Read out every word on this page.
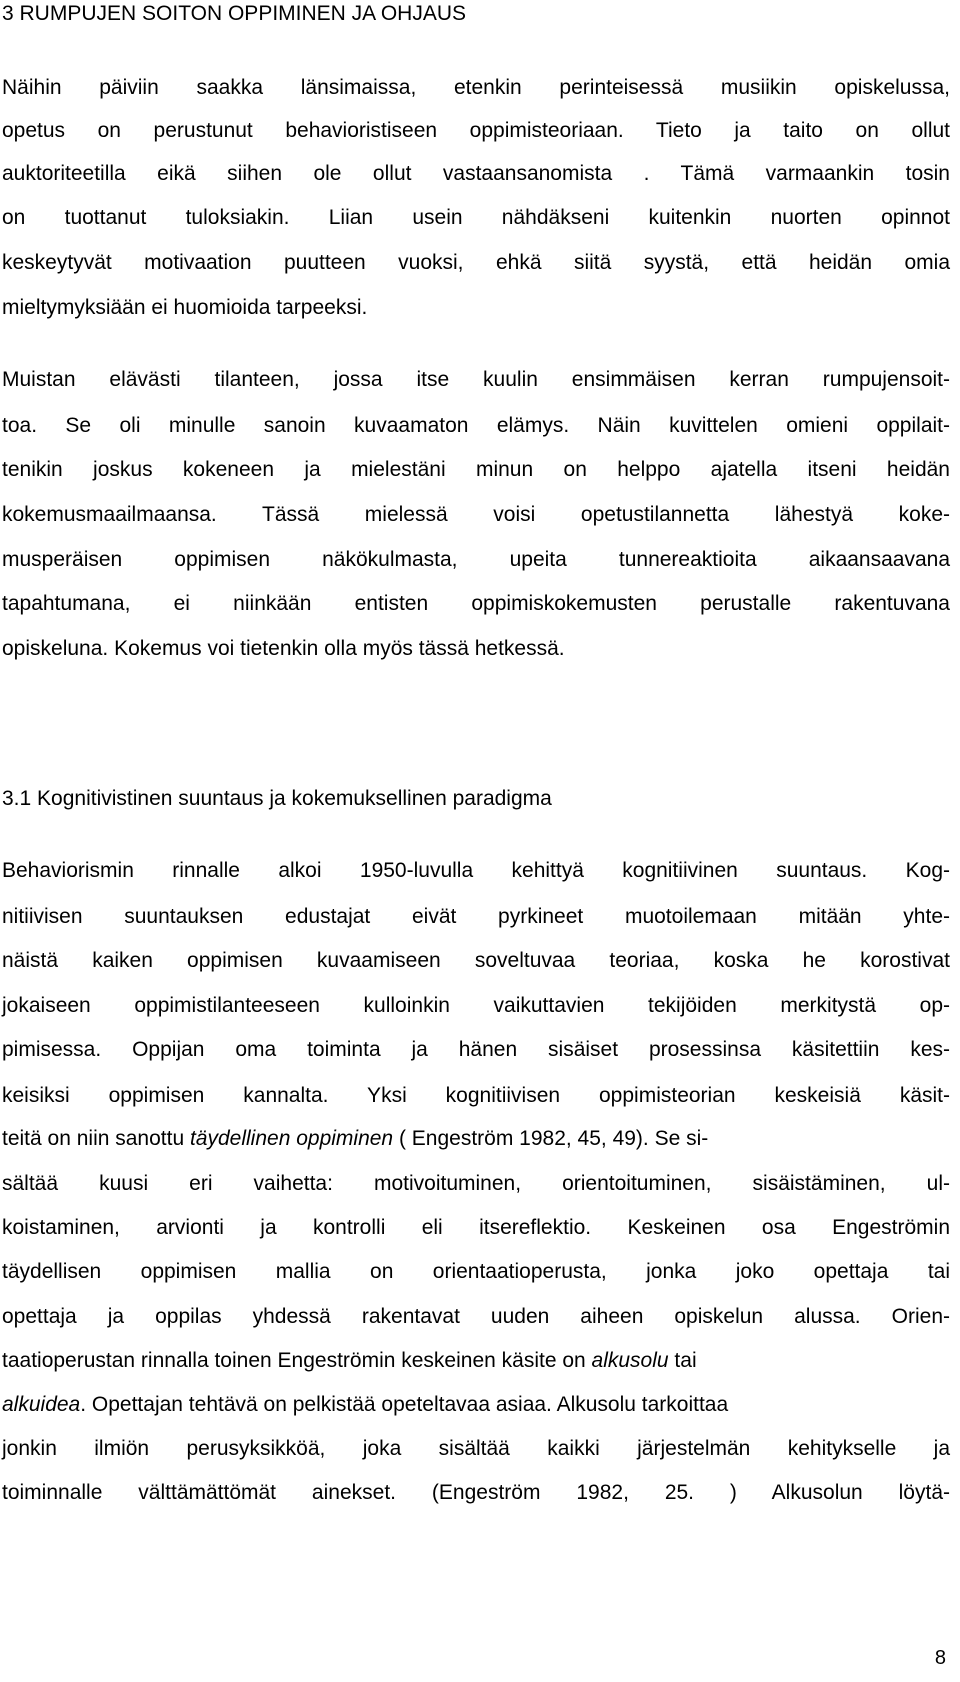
3 RUMPUJEN SOITON OPPIMINEN JA OHJAUS

Näihin päiviin saakka länsimaissa, etenkin perinteisessä musiikin opiskelussa,

opetus on perustunut behavioristiseen oppimisteoriaan. Tieto ja taito on ollut

auktoriteetilla eikä siihen ole ollut vastaansanomista . Tämä varmaankin tosin

on tuottanut tuloksiakin. Liian usein nähdäkseni kuitenkin nuorten opinnot

keskeytyvät motivaation puutteen vuoksi, ehkä siitä syystä, että heidän omia

mieltymyksiään ei huomioida tarpeeksi.

Muistan elävästi tilanteen, jossa itse kuulin ensimmäisen kerran rumpujensoit-

toa. Se oli minulle sanoin kuvaamaton elämys. Näin kuvittelen omieni oppilait-

tenikin joskus kokeneen ja mielestäni minun on helppo ajatella itseni heidän

kokemusmaailmaansa. Tässä mielessä voisi opetustilannetta lähestyä koke-

musperäisen oppimisen näkökulmasta, upeita tunnereaktioita aikaansaavana

tapahtumana, ei niinkään entisten oppimiskokemusten perustalle rakentuvana

opiskeluna. Kokemus voi tietenkin olla myös tässä hetkessä.

3.1 Kognitivistinen suuntaus ja kokemuksellinen paradigma

Behaviorismin rinnalle alkoi 1950-luvulla kehittyä kognitiivinen suuntaus. Kog-

nitiivisen suuntauksen edustajat eivät pyrkineet muotoilemaan mitään yhte-

näistä kaiken oppimisen kuvaamiseen soveltuvaa teoriaa, koska he korostivat

jokaiseen oppimistilanteeseen kulloinkin vaikuttavien tekijöiden merkitystä op-

pimisessa. Oppijan oma toiminta ja hänen sisäiset prosessinsa käsitettiin kes-

keisiksi oppimisen kannalta. Yksi kognitiivisen oppimisteorian keskeisiä käsit-

teitä on niin sanottu täydellinen oppiminen ( Engeström 1982, 45, 49). Se si-

sältää kuusi eri vaihetta: motivoituminen, orientoituminen, sisäistäminen, ul-

koistaminen, arvionti ja kontrolli eli itsereflektio. Keskeinen osa Engeströmin

täydellisen oppimisen mallia on orientaatioperusta, jonka joko opettaja tai

opettaja ja oppilas yhdessä rakentavat uuden aiheen opiskelun alussa. Orien-

taatioperustan rinnalla toinen Engeströmin keskeinen käsite on alkusolu tai

alkuidea. Opettajan tehtävä on pelkistää opeteltavaa asiaa. Alkusolu tarkoittaa

jonkin ilmiön perusyksikköä, joka sisältää kaikki järjestelmän kehitykselle ja

toiminnalle välttämättömät ainekset. (Engeström 1982, 25. ) Alkusolun löytä-

8
